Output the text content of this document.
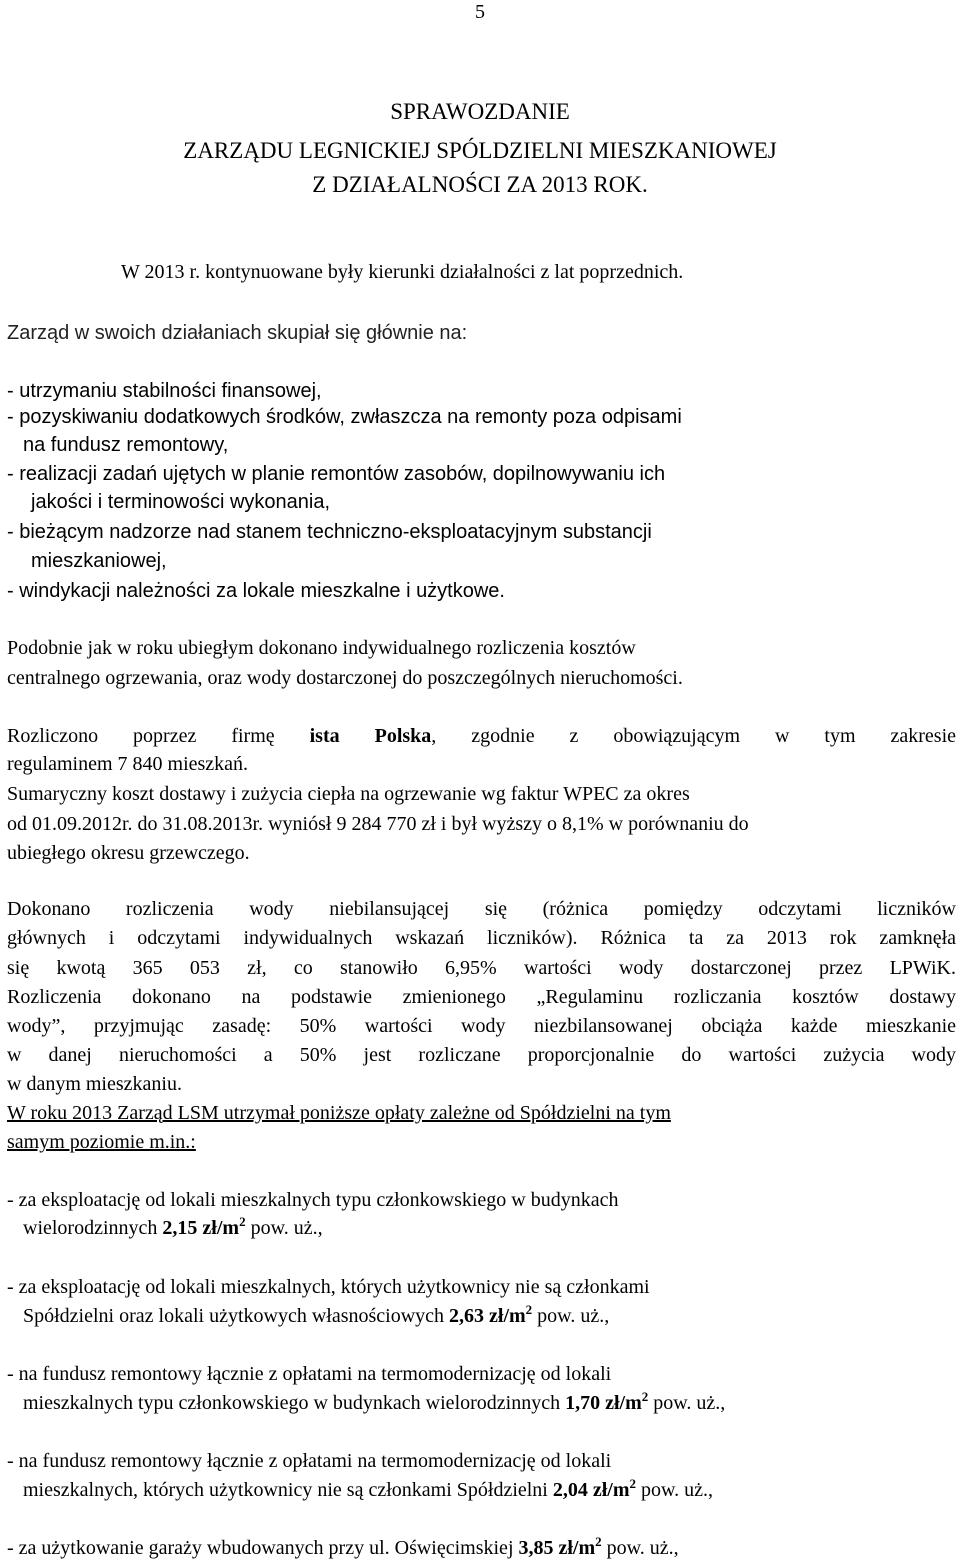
5
SPRAWOZDANIE
ZARZĄDU LEGNICKIEJ SPÓLDZIELNI MIESZKANIOWEJ
Z DZIAŁALNOŚCI ZA 2013 ROK.
W 2013 r. kontynuowane były kierunki działalności z lat poprzednich.
Zarząd w swoich działaniach skupiał się głównie na:
- utrzymaniu stabilności finansowej,
- pozyskiwaniu dodatkowych środków, zwłaszcza na remonty poza odpisami
na fundusz remontowy,
- realizacji zadań ujętych w planie remontów zasobów, dopilnowywaniu ich
jakości i terminowości wykonania,
- bieżącym nadzorze nad stanem techniczno-eksploatacyjnym substancji
mieszkaniowej,
- windykacji należności za lokale mieszkalne i użytkowe.
Podobnie jak w roku ubiegłym dokonano indywidualnego rozliczenia kosztów
centralnego ogrzewania, oraz wody dostarczonej do poszczególnych nieruchomości.
Rozliczono poprzez firmę ista Polska, zgodnie z obowiązującym w tym zakresie
regulaminem 7 840 mieszkań.
Sumaryczny koszt dostawy i zużycia ciepła na ogrzewanie wg faktur WPEC za okres
od 01.09.2012r. do 31.08.2013r. wyniósł 9 284 770 zł i był wyższy o 8,1% w porównaniu do
ubiegłego okresu grzewczego.
Dokonano rozliczenia wody niebilansującej się (różnica pomiędzy odczytami liczników
głównych i odczytami indywidualnych wskazań liczników). Różnica ta za 2013 rok zamknęła
się kwotą 365 053 zł, co stanowiło 6,95% wartości wody dostarczonej przez LPWiK.
Rozliczenia dokonano na podstawie zmienionego „Regulaminu rozliczania kosztów dostawy
wody”, przyjmując zasadę: 50% wartości wody niezbilansowanej obciąża każde mieszkanie
w danej nieruchomości a 50% jest rozliczane proporcjonalnie do wartości zużycia wody
w danym mieszkaniu.
W roku 2013 Zarząd LSM utrzymał poniższe opłaty zależne od Spółdzielni na tym
samym poziomie m.in.:
- za eksploatację od lokali mieszkalnych typu członkowskiego w budynkach
wielorodzinnych 2,15 $zł/m^2$ pow. uż.,
- za eksploatację od lokali mieszkalnych, których użytkownicy nie są członkami
Spółdzielni oraz lokali użytkowych własnościowych 2,63 $zł/m^2$ pow. uż.,
- na fundusz remontowy łącznie z opłatami na termomodernizację od lokali
mieszkalnych typu członkowskiego w budynkach wielorodzinnych 1,70 $zł/m^2$ pow. uż.,
- na fundusz remontowy łącznie z opłatami na termomodernizację od lokali
mieszkalnych, których użytkownicy nie są członkami Spółdzielni 2,04 $zł/m^2$ pow. uż.,
- za użytkowanie garaży wbudowanych przy ul. Oświęcimskiej 3,85 $zł/m^2$ pow. uż.,
